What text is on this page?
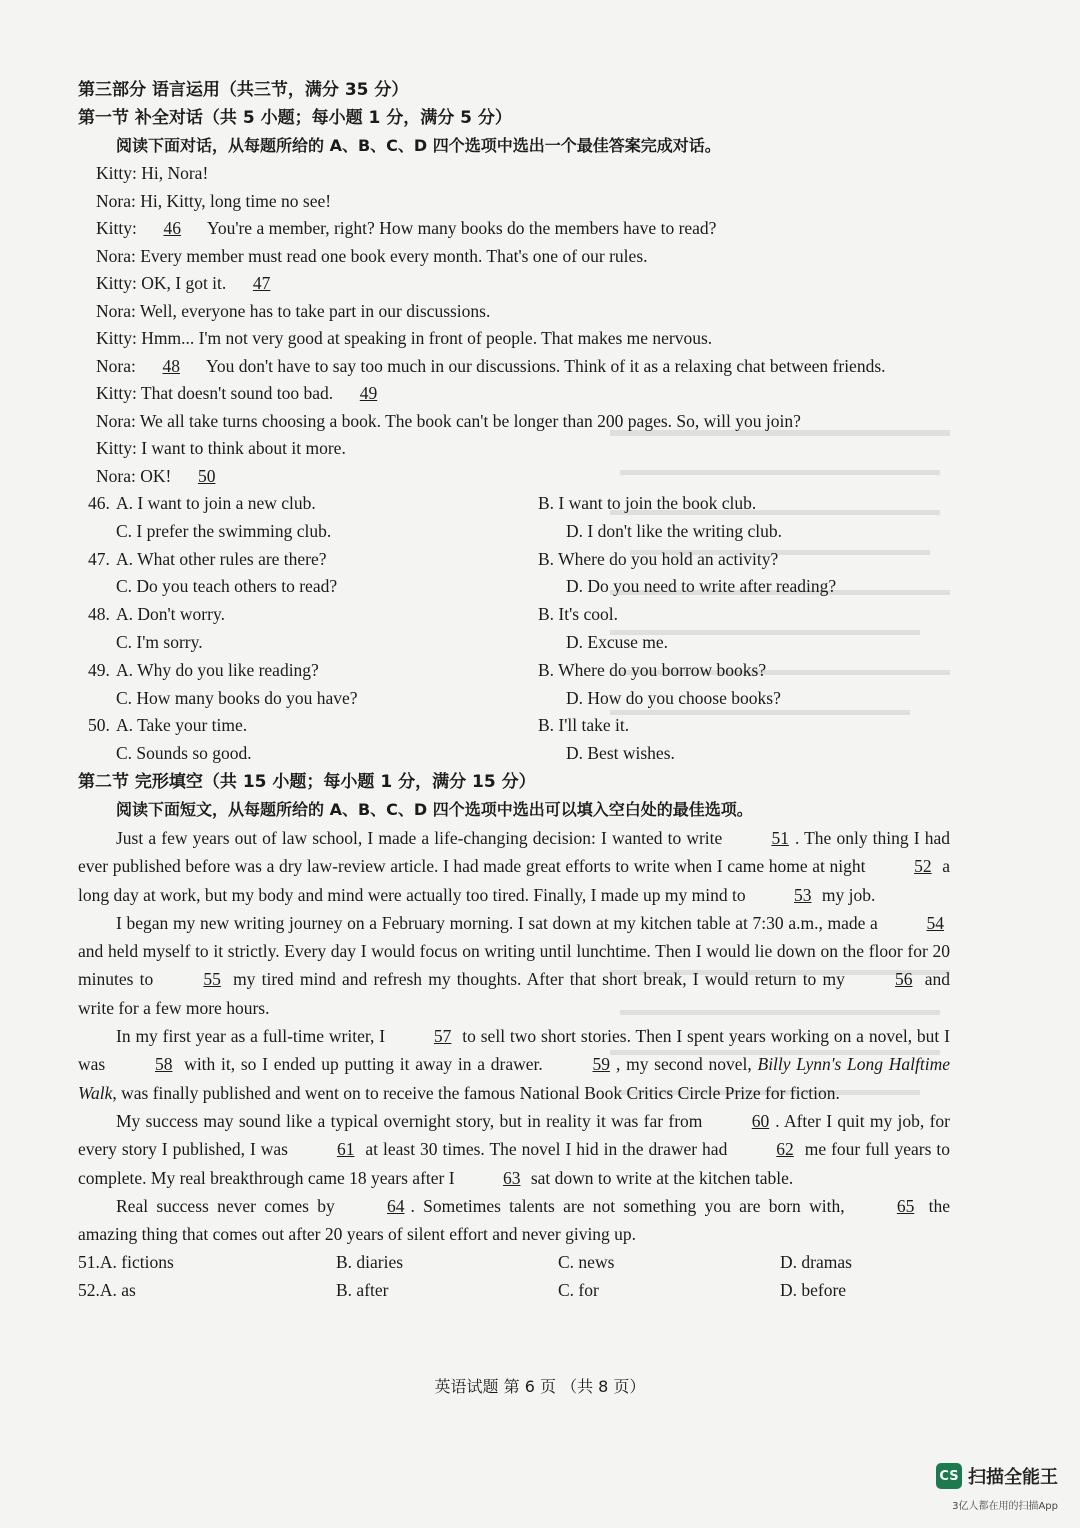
第三部分 语言运用（共三节，满分 35 分）
第一节 补全对话（共 5 小题；每小题 1 分，满分 5 分）
阅读下面对话，从每题所给的 A、B、C、D 四个选项中选出一个最佳答案完成对话。
Kitty: Hi, Nora!
Nora: Hi, Kitty, long time no see!
Kitty: 46 You're a member, right? How many books do the members have to read?
Nora: Every member must read one book every month. That's one of our rules.
Kitty: OK, I got it. 47
Nora: Well, everyone has to take part in our discussions.
Kitty: Hmm... I'm not very good at speaking in front of people. That makes me nervous.
Nora: 48 You don't have to say too much in our discussions. Think of it as a relaxing chat between friends.
Kitty: That doesn't sound too bad. 49
Nora: We all take turns choosing a book. The book can't be longer than 200 pages. So, will you join?
Kitty: I want to think about it more.
Nora: OK! 50
46. A. I want to join a new club.	B. I want to join the book club.
C. I prefer the swimming club.	D. I don't like the writing club.
47. A. What other rules are there?	B. Where do you hold an activity?
C. Do you teach others to read?	D. Do you need to write after reading?
48. A. Don't worry.	B. It's cool.
C. I'm sorry.	D. Excuse me.
49. A. Why do you like reading?	B. Where do you borrow books?
C. How many books do you have?	D. How do you choose books?
50. A. Take your time.	B. I'll take it.
C. Sounds so good.	D. Best wishes.
第二节 完形填空（共 15 小题；每小题 1 分，满分 15 分）
阅读下面短文，从每题所给的 A、B、C、D 四个选项中选出可以填入空白处的最佳选项。
Just a few years out of law school, I made a life-changing decision: I wanted to write	51 . The only thing I had ever published before was a dry law-review article. I had made great efforts to write when I came home at night	52 a long day at work, but my body and mind were actually too tired. Finally, I made up my mind to	53 my job.
I began my new writing journey on a February morning. I sat down at my kitchen table at 7:30 a.m., made a	54 and held myself to it strictly. Every day I would focus on writing until lunchtime. Then I would lie down on the floor for 20 minutes to	55 my tired mind and refresh my thoughts. After that short break, I would return to my	56 and write for a few more hours.
In my first year as a full-time writer, I	57 to sell two short stories. Then I spent years working on a novel, but I was	58 with it, so I ended up putting it away in a drawer.	59 , my second novel, Billy Lynn's Long Halftime Walk, was finally published and went on to receive the famous National Book Critics Circle Prize for fiction.
My success may sound like a typical overnight story, but in reality it was far from	60 . After I quit my job, for every story I published, I was	61 at least 30 times. The novel I hid in the drawer had	62 me four full years to complete. My real breakthrough came 18 years after I	63 sat down to write at the kitchen table.
Real success never comes by	64 . Sometimes talents are not something you are born with,	65 the amazing thing that comes out after 20 years of silent effort and never giving up.
51.A. fictions	B. diaries	C. news	D. dramas
52.A. as	B. after	C. for	D. before
英语试题 第 6 页 （共 8 页）
CS 扫描全能王
3亿人都在用的扫描App
